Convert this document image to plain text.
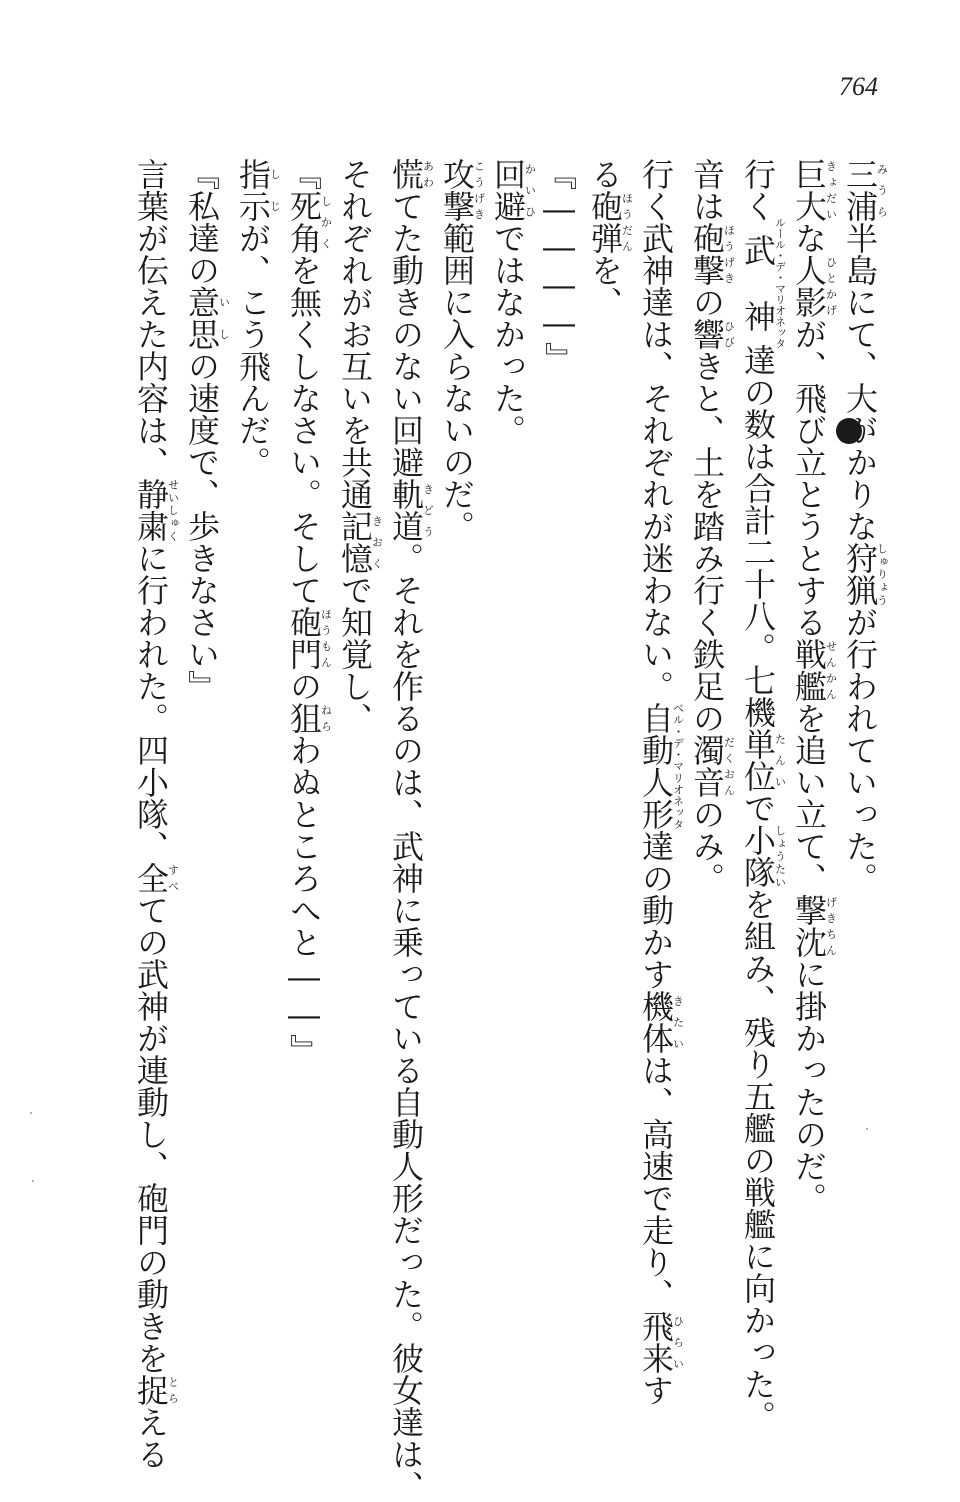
764
三浦みうら半島にて、大がかりな狩猟しゅりょうが行われていった。
巨大きょだいな人影ひとかげが、飛び立とうとする戦艦せんかんを追い立て、撃沈げきちんに掛かったのだ。
行く武神ルール・デ・マリオネッタ達の数は合計二十八。七機単位たんいで小隊しょうたいを組み、残り五艦の戦艦に向かった。
音は砲撃ほうげきの響ひびきと、土を踏み行く鉄足の濁音だくおんのみ。
行く武神達は、それぞれが迷わない。自動人形ベル・デ・マリオネッタ達の動かす機体きたいは、高速で走り、飛来ひらいす
る砲弾ほうだんを、
『――――』
回避かいひではなかった。
攻撃こうげき範囲に入らないのだ。
慌あわてた動きのない回避軌道きどう。それを作るのは、武神に乗っている自動人形だった。彼女達は、
それぞれがお互いを共通記憶きおくで知覚し、
『死角しかくを無くしなさい。そして砲門ほうもんの狙ねらわぬところへと――』
指示しじが、こう飛んだ。
『私達の意思いしの速度で、歩きなさい』
言葉が伝えた内容は、静粛せいしゅくに行われた。四小隊、全すべての武神が連動し、砲門の動きを捉とらえる
